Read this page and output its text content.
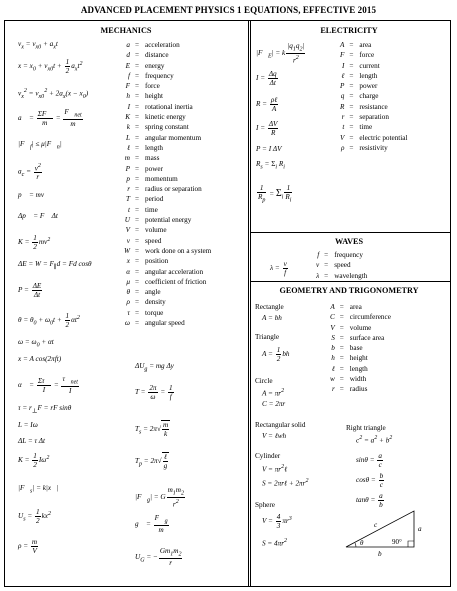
ADVANCED PLACEMENT PHYSICS 1 EQUATIONS, EFFECTIVE 2015
MECHANICS
$v_x = v_{x0} + a_xt$
$x = x_0 + v_{x0}t + \frac{1}{2} a_xt^2$
$v_x^2 = v_{x0}^2 + 2a_x(x - x_0)$
a⃗ = $\frac{\Sigma F⃗}{m} = \frac{F⃗_{net}}{m}$
$|F⃗_f|$ ≤ $\mu|F⃗_n|$
$a_c = \frac{v^2}{r}$
p⃗ = mv⃗
Δp⃗ = F⃗ Δt
$K = \frac{1}{2} mv^2$
$\Delta E = W = F_\parallel d = Fd$ cosθ
$P = \frac{\Delta E}{\Delta t}$
$\theta = \theta_0 + \omega_0t + \frac{1}{2} \alpha t^2$
$\omega = \omega_0 + \alpha t$
x = A cos(2πft)
α⃗ = $\frac{\Sigma\tau⃗}{I} = \frac{\tau⃗_{net}}{I}$
$\tau = r_\perp F$ = rF sinθ
L = Iω
ΔL = τ Δt
$K = \frac{1}{2} I\omega^2$
$|F⃗_s|$ = k|x⃗|
$U_s = \frac{1}{2} kx^2$
$\rho = \frac{m}{V}$
$\Delta U_g$ = mg Δy
$T = \frac{2\pi}{\omega} = \frac{1}{f}$
$T_s = 2\pi√ \frac{m}{k}$
$T_p = 2\pi√ \frac{\text{ℓ}}{g}$
$|F⃗_g| = G \frac{m_1m_2}{r^2}$
g⃗ = $\frac{F⃗_g}{m}$
$U_G$ = − $\frac{Gm_1m_2}{r}$
a	=	acceleration
d	=	distance
E	=	energy
f	=	frequency
F	=	force
h	=	height
I	=	rotational inertia
K	=	kinetic energy
k	=	spring constant
L	=	angular momentum
ℓ	=	length
m	=	mass
P	=	power
p	=	momentum
r	=	radius or separation
T	=	period
t	=	time
U	=	potential energy
V	=	volume
v	=	speed
W	=	work done on a system
x	=	position
α	=	angular acceleration
μ	=	coefficient of friction
θ	=	angle
ρ	=	density
τ	=	torque
ω	=	angular speed
ELECTRICITY
$|F⃗_E| = k \frac{|q_1q_2|}{r^2}$
$I = \frac{\Delta q}{\Delta t}$
$R = \frac{\text{ρℓ}}{A}$
$I = \frac{\Delta V}{R}$
P = I ΔV
$R_s = \Sigma_i$ $R_i$
$\frac{1}{R_p} = \Sigma_i \frac{1}{R_i}$
A	=	area
F	=	force
I	=	current
ℓ	=	length
P	=	power
q	=	charge
R	=	resistance
r	=	separation
t	=	time
V	=	electric potential
ρ	=	resistivity
WAVES
$\lambda = \frac{v}{f}$
f	=	frequency
v	=	speed
λ	=	wavelength
GEOMETRY AND TRIGONOMETRY
Rectangle
A = bh
Triangle
$A = \frac{1}{2}$ bh
Circle
$A = \pi r^2$
C = 2πr
Rectangular solid
V = ℓwh
Cylinder
$V = \pi r^2\ell$
S = 2πrℓ + $2\pi r^2$
Sphere
$V = \frac{4}{3} \pi r^3$
$S = 4\pi r^2$
A	=	area
C	=	circumference
V	=	volume
S	=	surface area
b	=	base
h	=	height
ℓ	=	length
w	=	width
r	=	radius
Right triangle
$c^2 = a^2 + b^2$
$\sin\theta = \frac{a}{c}$
$\cos\theta = \frac{b}{c}$
$\tan\theta = \frac{a}{b}$
c	a
b
θ	90°
